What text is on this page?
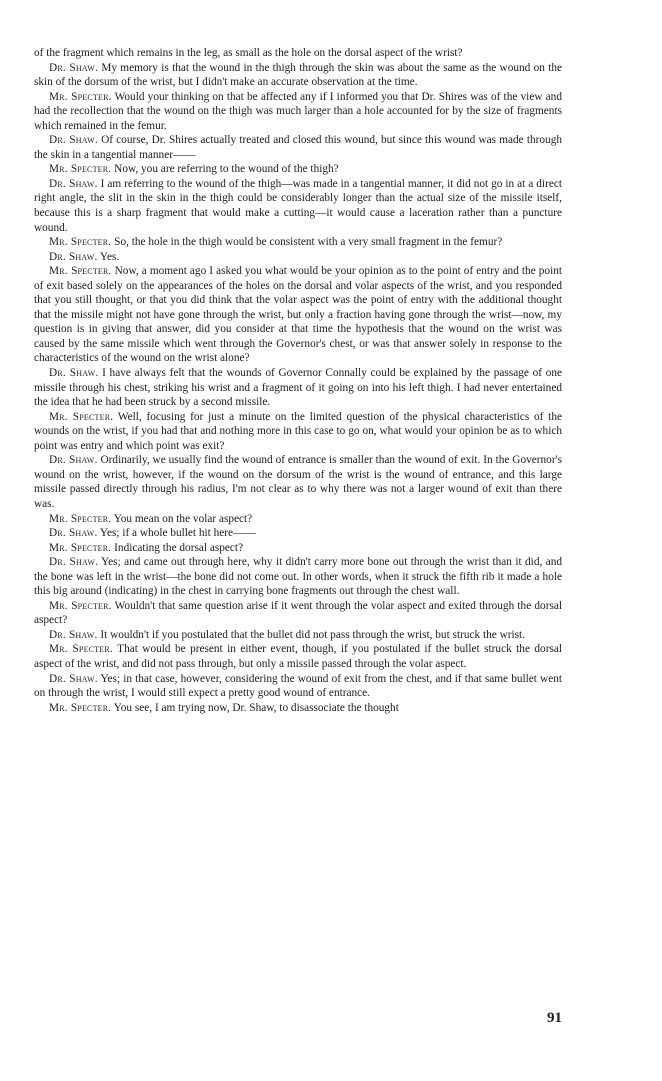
of the fragment which remains in the leg, as small as the hole on the dorsal aspect of the wrist?

Dr. Shaw. My memory is that the wound in the thigh through the skin was about the same as the wound on the skin of the dorsum of the wrist, but I didn't make an accurate observation at the time.

Mr. Specter. Would your thinking on that be affected any if I informed you that Dr. Shires was of the view and had the recollection that the wound on the thigh was much larger than a hole accounted for by the size of fragments which remained in the femur.

Dr. Shaw. Of course, Dr. Shires actually treated and closed this wound, but since this wound was made through the skin in a tangential manner——

Mr. Specter. Now, you are referring to the wound of the thigh?

Dr. Shaw. I am referring to the wound of the thigh—was made in a tangential manner, it did not go in at a direct right angle, the slit in the skin in the thigh could be considerably longer than the actual size of the missile itself, because this is a sharp fragment that would make a cutting—it would cause a laceration rather than a puncture wound.

Mr. Specter. So, the hole in the thigh would be consistent with a very small fragment in the femur?

Dr. Shaw. Yes.

Mr. Specter. Now, a moment ago I asked you what would be your opinion as to the point of entry and the point of exit based solely on the appearances of the holes on the dorsal and volar aspects of the wrist, and you responded that you still thought, or that you did think that the volar aspect was the point of entry with the additional thought that the missile might not have gone through the wrist, but only a fraction having gone through the wrist—now, my question is in giving that answer, did you consider at that time the hypothesis that the wound on the wrist was caused by the same missile which went through the Governor's chest, or was that answer solely in response to the characteristics of the wound on the wrist alone?

Dr. Shaw. I have always felt that the wounds of Governor Connally could be explained by the passage of one missile through his chest, striking his wrist and a fragment of it going on into his left thigh. I had never entertained the idea that he had been struck by a second missile.

Mr. Specter. Well, focusing for just a minute on the limited question of the physical characteristics of the wounds on the wrist, if you had that and nothing more in this case to go on, what would your opinion be as to which point was entry and which point was exit?

Dr. Shaw. Ordinarily, we usually find the wound of entrance is smaller than the wound of exit. In the Governor's wound on the wrist, however, if the wound on the dorsum of the wrist is the wound of entrance, and this large missile passed directly through his radius, I'm not clear as to why there was not a larger wound of exit than there was.

Mr. Specter. You mean on the volar aspect?

Dr. Shaw. Yes; if a whole bullet hit here——

Mr. Specter. Indicating the dorsal aspect?

Dr. Shaw. Yes; and came out through here, why it didn't carry more bone out through the wrist than it did, and the bone was left in the wrist—the bone did not come out. In other words, when it struck the fifth rib it made a hole this big around (indicating) in the chest in carrying bone fragments out through the chest wall.

Mr. Specter. Wouldn't that same question arise if it went through the volar aspect and exited through the dorsal aspect?

Dr. Shaw. It wouldn't if you postulated that the bullet did not pass through the wrist, but struck the wrist.

Mr. Specter. That would be present in either event, though, if you postulated if the bullet struck the dorsal aspect of the wrist, and did not pass through, but only a missile passed through the volar aspect.

Dr. Shaw. Yes; in that case, however, considering the wound of exit from the chest, and if that same bullet went on through the wrist, I would still expect a pretty good wound of entrance.

Mr. Specter. You see, I am trying now, Dr. Shaw, to disassociate the thought

91
